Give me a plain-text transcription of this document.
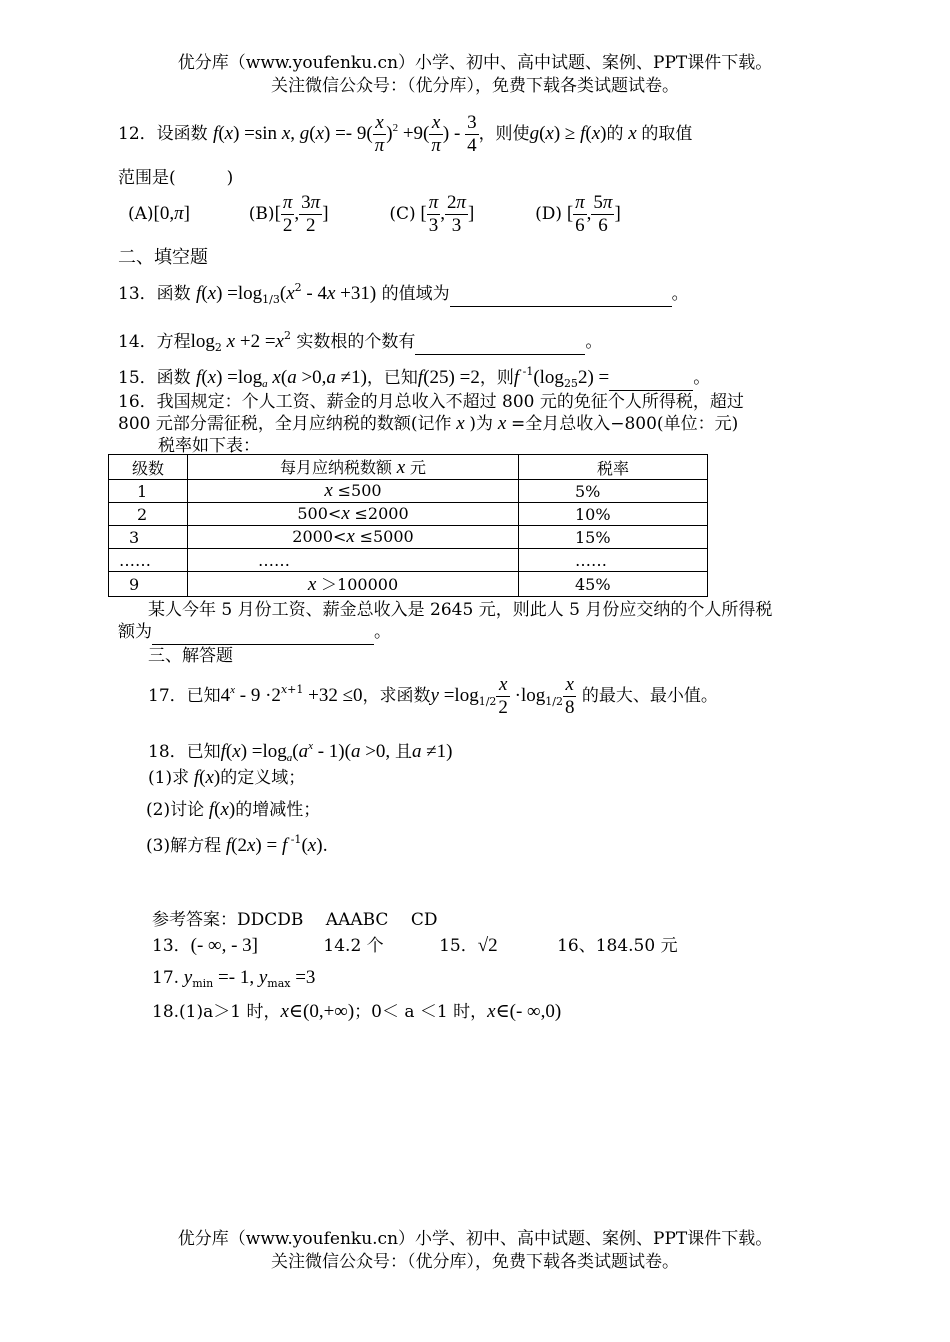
优分库（www.youfenku.cn）小学、初中、高中试题、案例、PPT课件下载。
关注微信公众号：（优分库），免费下载各类试题试卷。
12．设函数 f(x) =sin x, $g(x) =- 9( \frac{x}{\pi} )^2 +9( \frac{x}{\pi}$ ) - $\frac{3}{4}$ ，则使g(x) ≥ f(x)的 x 的取值
范围是(　　　)
(A)[0,π]	$(B)[ \frac{\pi}{2}$ , $\frac{3\pi}{2}$ ]	(C) [ $\frac{\pi}{3}$ , $\frac{2\pi}{3}$ ]	(D) [ $\frac{\pi}{6}$ , $\frac{5\pi}{6}$ ]
二、填空题
13．函数 $f(x) =\log_{1/3}(x^2 - 4x +31)$ 的值域为	。
14．方程$\log_2 x +2 =x^2$ 实数根的个数有	。
15．函数 $f(x) =\log_a$ x(a >0,a ≠1)，已知f(25) =2，则f $^{-1}(\log_{25}2)$ =	。
16．我国规定：个人工资、薪金的月总收入不超过 800 元的免征个人所得税，超过
800 元部分需征税，全月应纳税的数额(记作 x )为 x =全月总收入−800(单位：元)
税率如下表：
级数	每月应纳税数额 x 元	税率
1	x ≤500	5%
2	500<x ≤2000	10%
3	2000<x ≤5000	15%
……	……	……
9	x ＞100000	45%
某人今年 5 月份工资、薪金总收入是 2645 元，则此人 5 月份应交纳的个人所得税
额为	。
三、解答题
17．已知$4^x - 9 \cdot 2^{x+1} +32 \le 0$，求函数$y =\log_{1/2} \frac{x}{2} \cdot\log_{1/2} \frac{x}{8}$ 的最大、最小值。
18．已知$f(x) =\log_a(a^x - 1)(a >0$, 且a ≠1)
(1)求 f(x)的定义域；
(2)讨论 f(x)的增减性；
(3)解方程 f(2x) = f $^{-1}$(x).
参考答案：DDCDB　 AAABC　 CD
13．(- ∞, - 3]	14.2 个	15．√2	16、184.50 元
17. $y_{min} =- 1$, $y_{max} =3$
18.(1)a＞1 时，x∈(0,+∞)；0＜ a ＜1 时，x∈(- ∞,0)
优分库（www.youfenku.cn）小学、初中、高中试题、案例、PPT课件下载。
关注微信公众号：（优分库），免费下载各类试题试卷。
